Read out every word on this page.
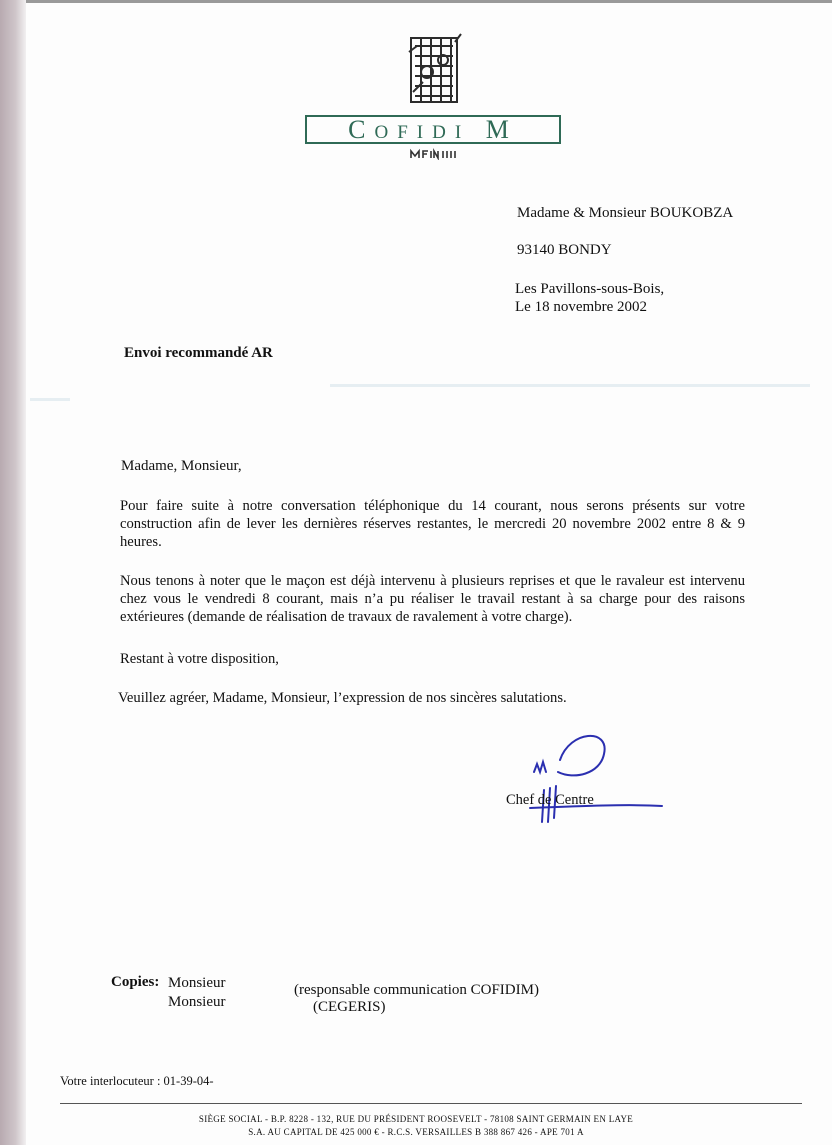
COFIDI M
Madame & Monsieur BOUKOBZA
93140 BONDY
Les Pavillons-sous-Bois,
Le 18 novembre 2002
Envoi recommandé AR
Madame, Monsieur,

Pour faire suite à notre conversation téléphonique du 14 courant, nous serons présents sur votre construction afin de lever les dernières réserves restantes, le mercredi 20 novembre 2002 entre 8 & 9 heures.

Nous tenons à noter que le maçon est déjà intervenu à plusieurs reprises et que le ravaleur est intervenu chez vous le vendredi 8 courant, mais n’a pu réaliser le travail restant à sa charge pour des raisons extérieures (demande de réalisation de travaux de ravalement à votre charge).

Restant à votre disposition,

Veuillez agréer, Madame, Monsieur, l’expression de nos sincères salutations.

Chef de Centre
Copies: Monsieur	(responsable communication COFIDIM)
Monsieur	(CEGERIS)
Votre interlocuteur : 01-39-04-
SIÈGE SOCIAL - B.P. 8228 - 132, RUE DU PRÉSIDENT ROOSEVELT - 78108 SAINT GERMAIN EN LAYE
S.A. AU CAPITAL DE 425 000 € - R.C.S. VERSAILLES B 388 867 426 - APE 701 A
